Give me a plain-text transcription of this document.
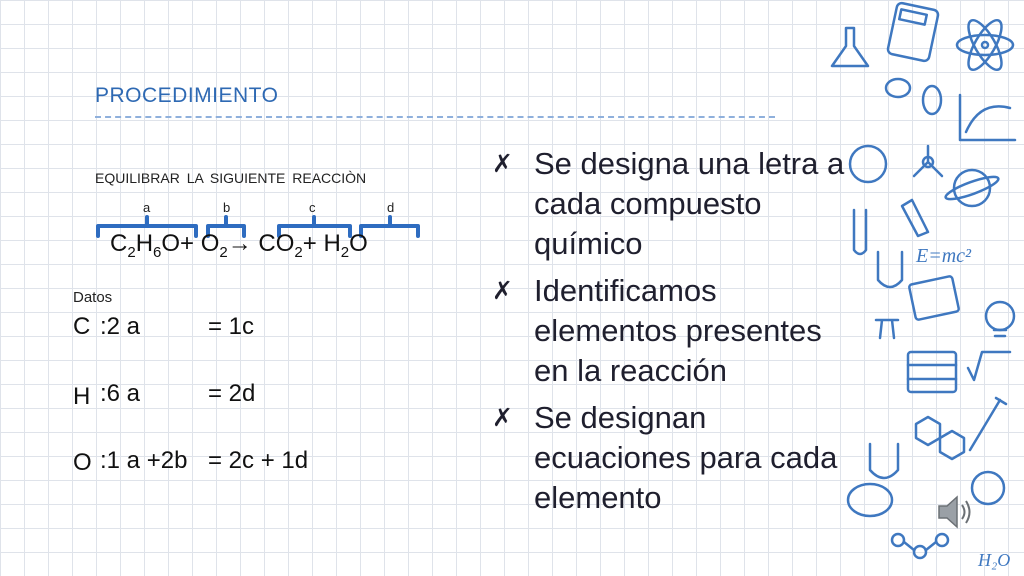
PROCEDIMIENTO
EQUILIBRAR LA SIGUIENTE REACCIÒN
a	b	c	d
$C_2H_6O+ O_2\to CO_2+ H_2O$
Datos
C :2 a	= 1c
H :6 a	= 2d
O :1 a +2b = 2c + 1d
✗ Se designa una letra a cada compuesto químico
✗ Identificamos elementos presentes en la reacción
✗ Se designan ecuaciones para cada elemento
E=mc²
H₂O
